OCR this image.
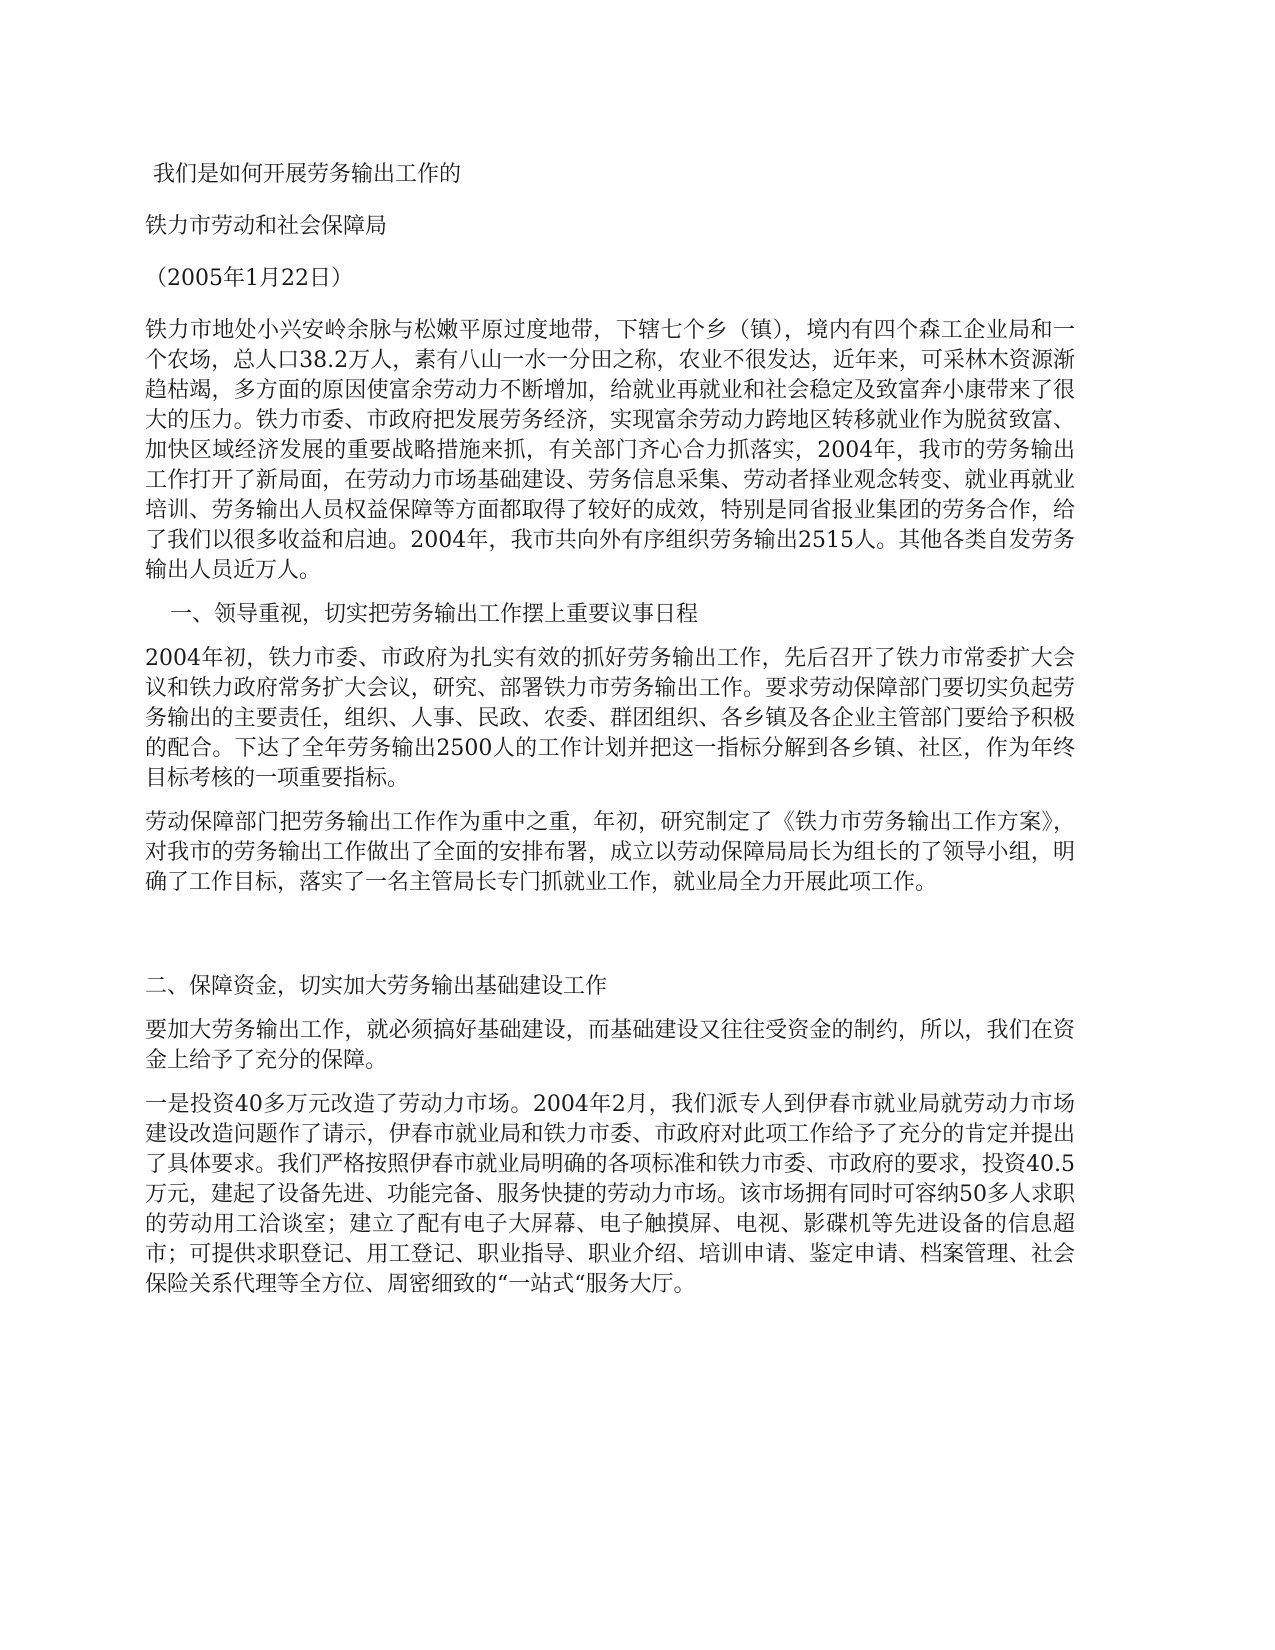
我们是如何开展劳务输出工作的

铁力市劳动和社会保障局

（2005年1月22日）

铁力市地处小兴安岭余脉与松嫩平原过度地带，下辖七个乡（镇），境内有四个森工企业局和一个农场，总人口38.2万人，素有八山一水一分田之称，农业不很发达，近年来，可采林木资源渐趋枯竭，多方面的原因使富余劳动力不断增加，给就业再就业和社会稳定及致富奔小康带来了很大的压力。铁力市委、市政府把发展劳务经济，实现富余劳动力跨地区转移就业作为脱贫致富、加快区域经济发展的重要战略措施来抓，有关部门齐心合力抓落实，2004年，我市的劳务输出工作打开了新局面，在劳动力市场基础建设、劳务信息采集、劳动者择业观念转变、就业再就业培训、劳务输出人员权益保障等方面都取得了较好的成效，特别是同省报业集团的劳务合作，给了我们以很多收益和启迪。2004年，我市共向外有序组织劳务输出2515人。其他各类自发劳务输出人员近万人。

一、领导重视，切实把劳务输出工作摆上重要议事日程

2004年初，铁力市委、市政府为扎实有效的抓好劳务输出工作，先后召开了铁力市常委扩大会议和铁力政府常务扩大会议，研究、部署铁力市劳务输出工作。要求劳动保障部门要切实负起劳务输出的主要责任，组织、人事、民政、农委、群团组织、各乡镇及各企业主管部门要给予积极的配合。下达了全年劳务输出2500人的工作计划并把这一指标分解到各乡镇、社区，作为年终目标考核的一项重要指标。

劳动保障部门把劳务输出工作作为重中之重，年初，研究制定了《铁力市劳务输出工作方案》，对我市的劳务输出工作做出了全面的安排布署，成立以劳动保障局局长为组长的了领导小组，明确了工作目标，落实了一名主管局长专门抓就业工作，就业局全力开展此项工作。

二、保障资金，切实加大劳务输出基础建设工作

要加大劳务输出工作，就必须搞好基础建设，而基础建设又往往受资金的制约，所以，我们在资金上给予了充分的保障。

一是投资40多万元改造了劳动力市场。2004年2月，我们派专人到伊春市就业局就劳动力市场建设改造问题作了请示，伊春市就业局和铁力市委、市政府对此项工作给予了充分的肯定并提出了具体要求。我们严格按照伊春市就业局明确的各项标准和铁力市委、市政府的要求，投资40.5万元，建起了设备先进、功能完备、服务快捷的劳动力市场。该市场拥有同时可容纳50多人求职的劳动用工洽谈室；建立了配有电子大屏幕、电子触摸屏、电视、影碟机等先进设备的信息超市；可提供求职登记、用工登记、职业指导、职业介绍、培训申请、鉴定申请、档案管理、社会保险关系代理等全方位、周密细致的“一站式“服务大厅。
